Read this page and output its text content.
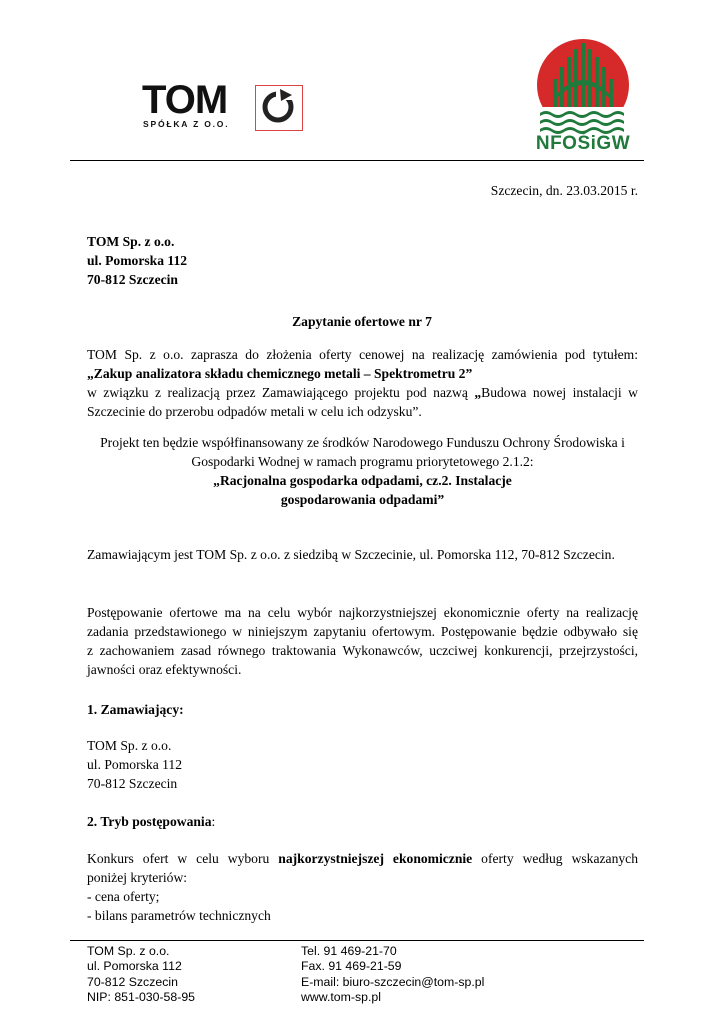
TOM
SPÓŁKA Z O.O.
NFOŚiGW
Szczecin, dn. 23.03.2015 r.
TOM Sp. z o.o.
ul. Pomorska 112
70-812 Szczecin
Zapytanie ofertowe nr 7
TOM Sp. z o.o. zaprasza do złożenia oferty cenowej na realizację zamówienia pod tytułem:
„Zakup analizatora składu chemicznego metali – Spektrometru 2”
w związku z realizacją przez Zamawiającego projektu pod nazwą „Budowa nowej instalacji w
Szczecinie do przerobu odpadów metali w celu ich odzysku”.
Projekt ten będzie współfinansowany ze środków Narodowego Funduszu Ochrony Środowiska i
Gospodarki Wodnej w ramach programu priorytetowego 2.1.2:
„Racjonalna gospodarka odpadami, cz.2. Instalacje
gospodarowania odpadami”
Zamawiającym jest TOM Sp. z o.o. z siedzibą w Szczecinie, ul. Pomorska 112, 70-812 Szczecin.
Postępowanie ofertowe ma na celu wybór najkorzystniejszej ekonomicznie oferty na realizację
zadania przedstawionego w niniejszym zapytaniu ofertowym. Postępowanie będzie odbywało się
z zachowaniem zasad równego traktowania Wykonawców, uczciwej konkurencji, przejrzystości,
jawności oraz efektywności.
1. Zamawiający:
TOM Sp. z o.o.
ul. Pomorska 112
70-812 Szczecin
2. Tryb postępowania:
Konkurs ofert w celu wyboru najkorzystniejszej ekonomicznie oferty według wskazanych
poniżej kryteriów:
- cena oferty;
- bilans parametrów technicznych
TOM Sp. z o.o.
ul. Pomorska 112
70-812 Szczecin
NIP: 851-030-58-95
Tel. 91 469-21-70
Fax. 91 469-21-59
E-mail: biuro-szczecin@tom-sp.pl
www.tom-sp.pl
